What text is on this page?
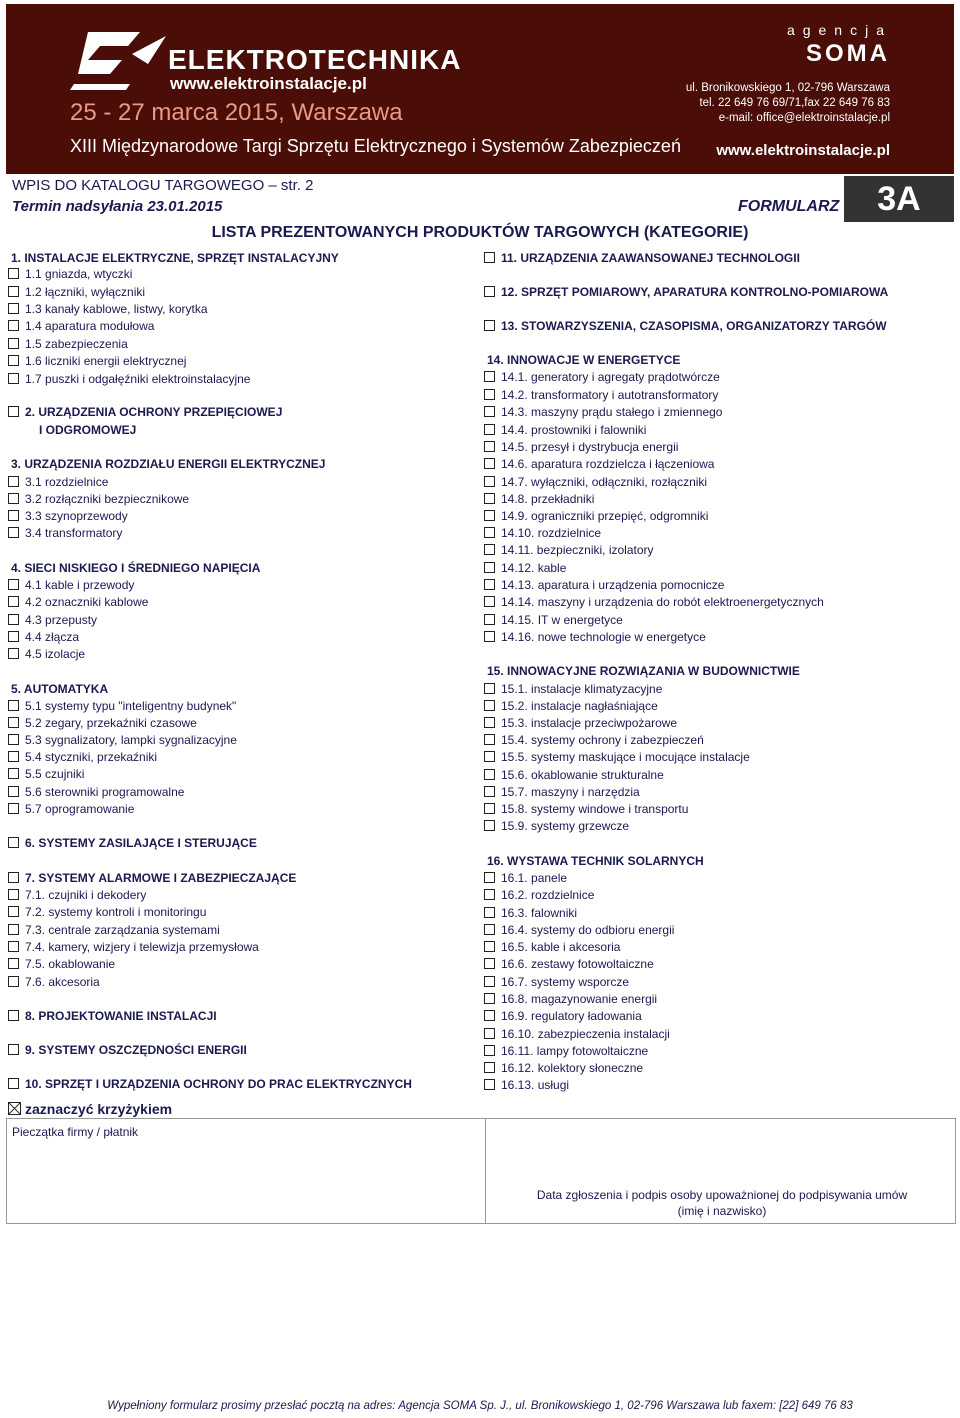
ELEKTROTECHNIKA
www.elektroinstalacje.pl
25 - 27 marca 2015, Warszawa
XIII Międzynarodowe Targi Sprzętu Elektrycznego i Systemów Zabezpieczeń
agencja
SOMA
ul. Bronikowskiego 1, 02-796 Warszawa
tel. 22 649 76 69/71,fax 22 649 76 83
e-mail: office@elektroinstalacje.pl
www.elektroinstalacje.pl
WPIS DO KATALOGU TARGOWEGO – str. 2
Termin nadsyłania 23.01.2015	FORMULARZ	3A
LISTA PREZENTOWANYCH PRODUKTÓW TARGOWYCH (KATEGORIE)
1. INSTALACJE ELEKTRYCZNE, SPRZĘT INSTALACYJNY
1.1 gniazda, wtyczki
1.2 łączniki, wyłączniki
1.3 kanały kablowe, listwy, korytka
1.4 aparatura modułowa
1.5 zabezpieczenia
1.6 liczniki energii elektrycznej
1.7 puszki i odgałęźniki elektroinstalacyjne
2. URZĄDZENIA OCHRONY PRZEPIĘCIOWEJ
I ODGROMOWEJ
3. URZĄDZENIA ROZDZIAŁU ENERGII ELEKTRYCZNEJ
3.1 rozdzielnice
3.2 rozłączniki bezpiecznikowe
3.3 szynoprzewody
3.4 transformatory
4. SIECI NISKIEGO I ŚREDNIEGO NAPIĘCIA
4.1 kable i przewody
4.2 oznaczniki kablowe
4.3 przepusty
4.4 złącza
4.5 izolacje
5. AUTOMATYKA
5.1 systemy typu "inteligentny budynek"
5.2 zegary, przekaźniki czasowe
5.3 sygnalizatory, lampki sygnalizacyjne
5.4 styczniki, przekaźniki
5.5 czujniki
5.6 sterowniki programowalne
5.7 oprogramowanie
6. SYSTEMY ZASILAJĄCE I STERUJĄCE
7. SYSTEMY ALARMOWE I ZABEZPIECZAJĄCE
7.1. czujniki i dekodery
7.2. systemy kontroli i monitoringu
7.3. centrale zarządzania systemami
7.4. kamery, wizjery i telewizja przemysłowa
7.5. okablowanie
7.6. akcesoria
8. PROJEKTOWANIE INSTALACJI
9. SYSTEMY OSZCZĘDNOŚCI ENERGII
10. SPRZĘT I URZĄDZENIA OCHRONY DO PRAC ELEKTRYCZNYCH
11. URZĄDZENIA ZAAWANSOWANEJ TECHNOLOGII
12. SPRZĘT POMIAROWY, APARATURA KONTROLNO-POMIAROWA
13. STOWARZYSZENIA, CZASOPISMA, ORGANIZATORZY TARGÓW
14. INNOWACJE W ENERGETYCE
14.1. generatory i agregaty prądotwórcze
14.2. transformatory i autotransformatory
14.3. maszyny prądu stałego i zmiennego
14.4. prostowniki i falowniki
14.5. przesył i dystrybucja energii
14.6. aparatura rozdzielcza i łączeniowa
14.7. wyłączniki, odłączniki, rozłączniki
14.8. przekładniki
14.9. ograniczniki przepięć, odgromniki
14.10. rozdzielnice
14.11. bezpieczniki, izolatory
14.12. kable
14.13. aparatura i urządzenia pomocnicze
14.14. maszyny i urządzenia do robót elektroenergetycznych
14.15. IT w energetyce
14.16. nowe technologie w energetyce
15. INNOWACYJNE ROZWIĄZANIA W BUDOWNICTWIE
15.1. instalacje klimatyzacyjne
15.2. instalacje nagłaśniające
15.3. instalacje przeciwpożarowe
15.4. systemy ochrony i zabezpieczeń
15.5. systemy maskujące i mocujące instalacje
15.6. okablowanie strukturalne
15.7. maszyny i narzędzia
15.8. systemy windowe i transportu
15.9. systemy grzewcze
16. WYSTAWA TECHNIK SOLARNYCH
16.1. panele
16.2. rozdzielnice
16.3. falowniki
16.4. systemy do odbioru energii
16.5. kable i akcesoria
16.6. zestawy fotowoltaiczne
16.7. systemy wsporcze
16.8. magazynowanie energii
16.9. regulatory ładowania
16.10. zabezpieczenia instalacji
16.11. lampy fotowoltaiczne
16.12. kolektory słoneczne
16.13. usługi
zaznaczyć krzyżykiem
Pieczątka firmy / płatnik
Data zgłoszenia i podpis osoby upoważnionej do podpisywania umów
(imię i nazwisko)
Wypełniony formularz prosimy przesłać pocztą na adres: Agencja SOMA Sp. J., ul. Bronikowskiego 1, 02-796 Warszawa lub faxem: [22] 649 76 83
